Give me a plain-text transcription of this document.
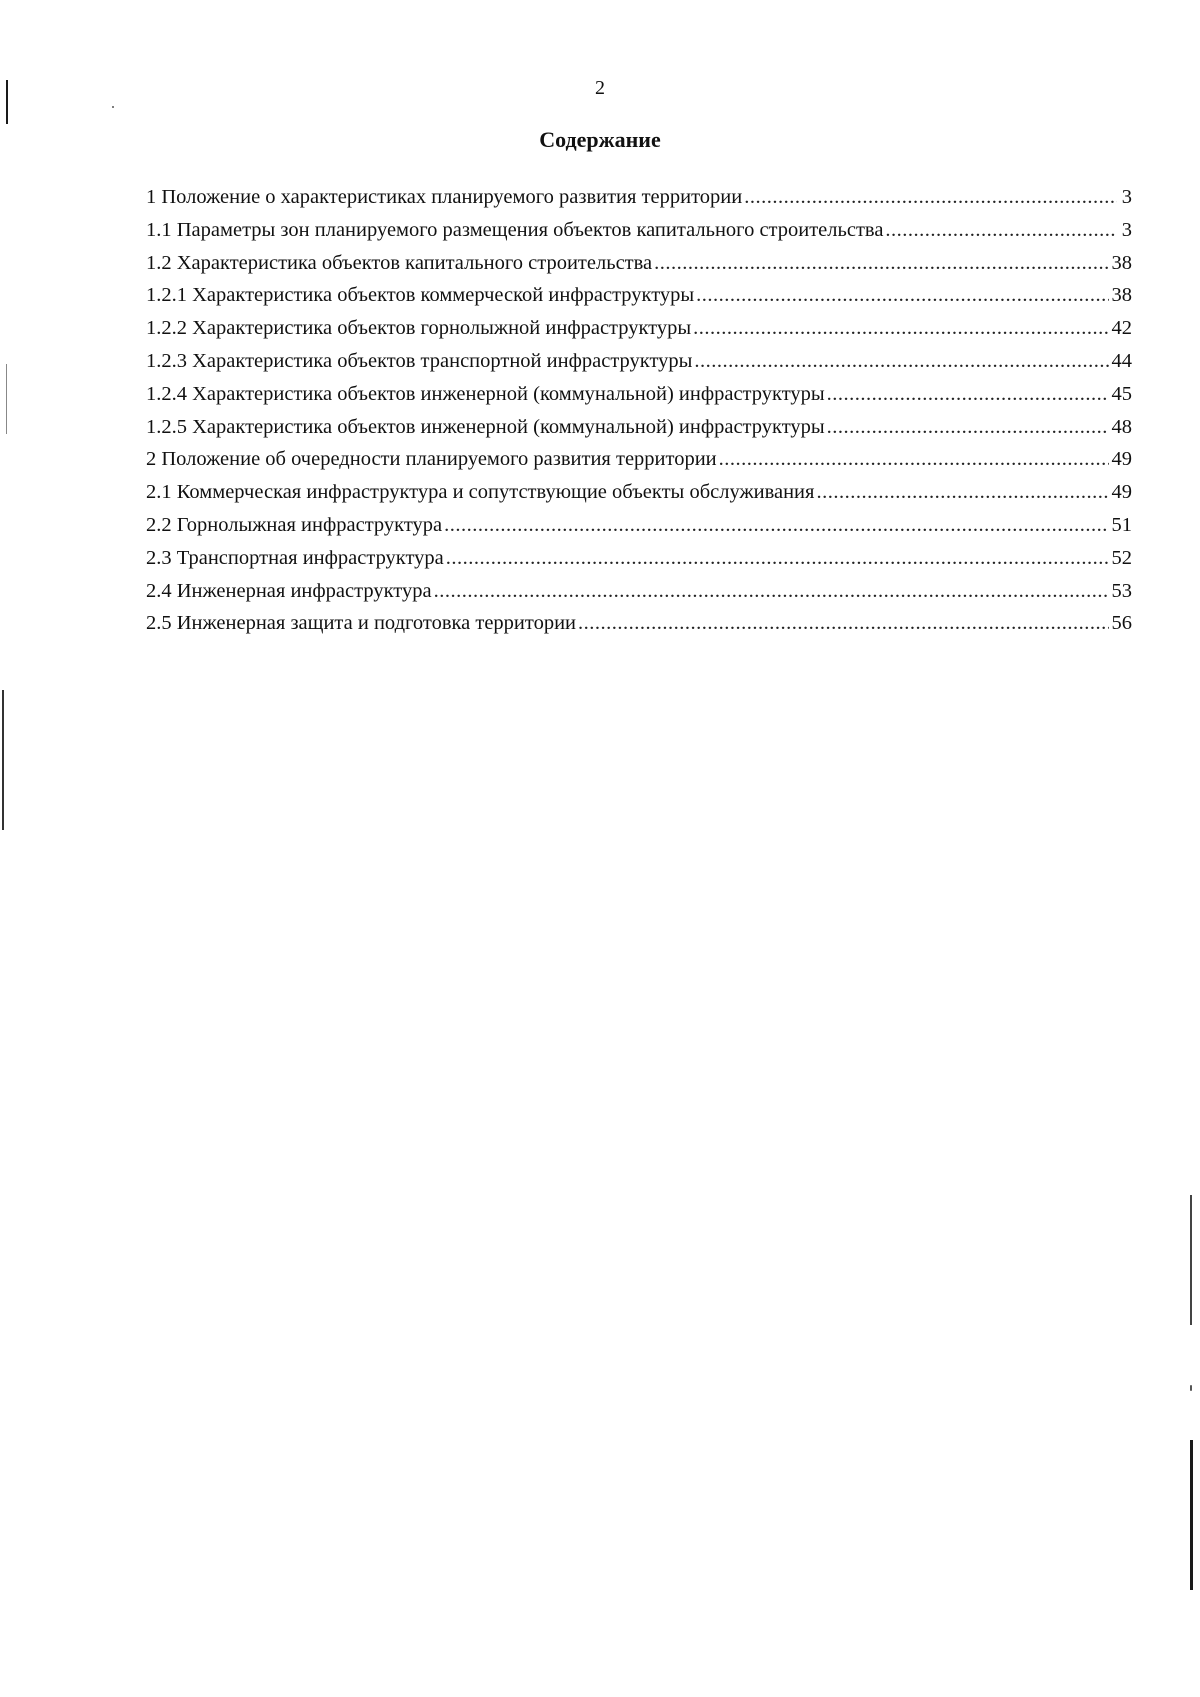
2
Содержание
1 Положение о характеристиках планируемого развития территории .....	3
1.1 Параметры зон планируемого размещения объектов капитального строительства .....	3
1.2 Характеристика объектов капитального строительства .....	38
1.2.1 Характеристика объектов коммерческой инфраструктуры .....	38
1.2.2 Характеристика объектов горнолыжной инфраструктуры .....	42
1.2.3 Характеристика объектов транспортной инфраструктуры .....	44
1.2.4 Характеристика объектов инженерной (коммунальной) инфраструктуры .....	45
1.2.5 Характеристика объектов инженерной (коммунальной) инфраструктуры .....	48
2 Положение об очередности планируемого развития территории .....	49
2.1 Коммерческая инфраструктура и сопутствующие объекты обслуживания .....	49
2.2 Горнолыжная инфраструктура .....	51
2.3 Транспортная инфраструктура .....	52
2.4 Инженерная инфраструктура .....	53
2.5 Инженерная защита и подготовка территории .....	56
